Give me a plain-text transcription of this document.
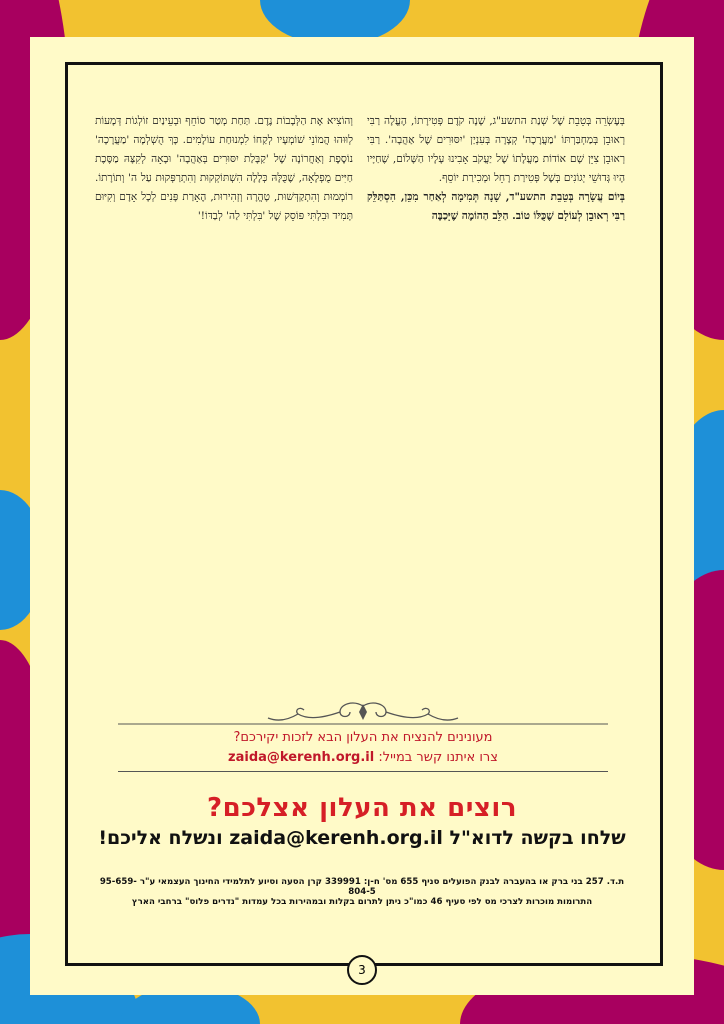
בְּעֶשְׂרֵה בְּטֵבֵת שֶׁל שְׁנַת התשע"ג, שָׁנָה קֹדֶם פְּטִירָתוֹ, הֶעֱלָה רַבִּי רְאוּבֵן בְּמַחְבַּרְתּוֹ 'מַעֲרָכָה' קְצָרָה בְּעִנְיַן 'יִסּוּרִים שֶׁל אַהֲבָה'. רַבִּי רְאוּבֵן צִיֵּן שָׁם אוֹדוֹת מַעֲלָתוֹ שֶׁל יַעֲקֹב אָבִינוּ עָלָיו הַשָּׁלוֹם, שֶׁחַיָּיו הָיוּ גְּדוּשֵׁי יְגוֹנִים בְּשֶׁל פְּטִירַת רָחֵל וּמְכִירַת יוֹסֵף.

בְּיוֹם עֲשָׂרָה בְּטֵבֵת התשע"ד, שָׁנָה תְּמִימָה לְאַחַר מִכֵּן, הִסְתַּלֵּק רַבִּי רְאוּבֵן לְעוֹלָם שֶׁכֻּלּוֹ טוֹב. הַלֵּב הַהוֹמֶה שֶׁיָּכַבֶּה

וְהוֹצִיא אֶת הַלְּבָבוֹת נֶדֶם. תַּחַת מְטַר סוֹחֵף וּבְעֵינַיִם זוֹלְגוֹת דְּמָעוֹת לְוּוּהוּ הֲמוֹנֵי שׁוֹמְעָיו לְקַחוֹ לִמְנוּחַת עוֹלָמִים. כָּךְ הֻשְׁלְמָה 'מַעֲרָכָה' נוֹסֶפֶת וְאַחֲרוֹנָה שֶׁל 'קַבָּלַת יִסּוּרִים בְּאַהֲבָה' וּבָאָה לְקִצָּהּ מַסֶּכֶת חַיִּים מֻפְלָאָה, שֶׁכֻּלָּהּ כְּלָלָה הִשְׁתּוֹקְקוּת וְהִתְרַפְּקוּת עַל ה' וְתוֹרָתוֹ. רוֹמְמוּת וְהִתְקַדְּשׁוּת, טָהֳרָה וְזְהִירוּת, הֶאָרַת פָּנִים לְכָל אָדָם וְקִיּוּם תָּמִיד וּבִלְתִּי פּוֹסֵק שֶׁל 'בִּלְתִּי לַה' לְבַדּוֹ!'

מעונינים להנציח את העלון הבא לזכות יקירכם?
צרו איתנו קשר במייל: zaida@kerenh.org.il
רוצים את העלון אצלכם?
שלחו בקשה לדוא"ל zaida@kerenh.org.il ונשלח אליכם!
ת.ד. 257 בני ברק או בהעברה לבנק הפועלים סניף 655 מס' ח-ן: 339991 קרן הסעה וסיוע לתלמידי החינוך העצמאי ע"ר 95-659-804-5
התרומות מוכרות לצרכי מס לפי סעיף 46 כמו"כ ניתן לתרום בקלות ובמהירות בכל עמדות "נדרים פלוס" ברחבי הארץ
3
